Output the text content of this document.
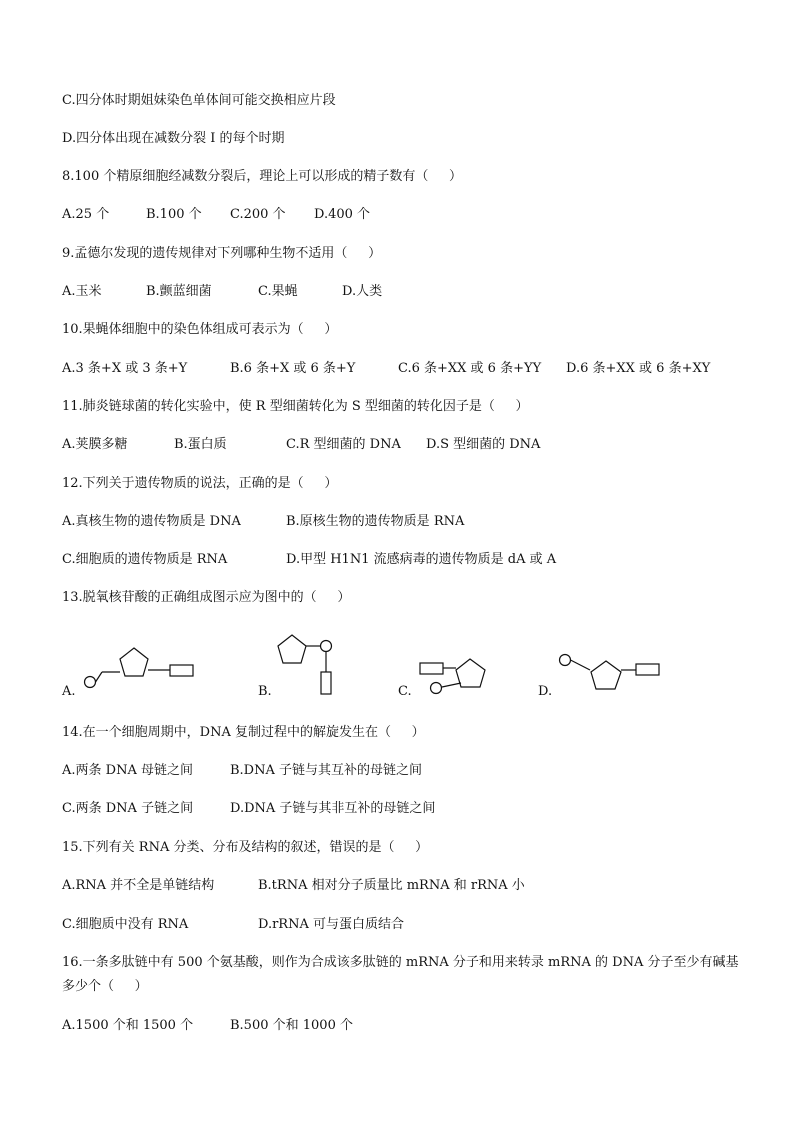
C.四分体时期姐妹染色单体间可能交换相应片段
D.四分体出现在减数分裂 I 的每个时期
8.100 个精原细胞经减数分裂后，理论上可以形成的精子数有（     ）

A.25 个

	B.100 个

C.200 个

D.400 个

9.孟德尔发现的遗传规律对下列哪种生物不适用（     ）

A.玉米

	B.颤蓝细菌

	C.果蝇

	D.人类

10.果蝇体细胞中的染色体组成可表示为（     ）

A.3 条+X 或 3 条+Y

	B.6 条+X 或 6 条+Y

	C.6 条+XX 或 6 条+YY

D.6 条+XX 或 6 条+XY

11.肺炎链球菌的转化实验中，使 R 型细菌转化为 S 型细菌的转化因子是（     ）

A.荚膜多糖

	B.蛋白质

	C.R 型细菌的 DNA

D.S 型细菌的 DNA

12.下列关于遗传物质的说法，正确的是（     ）

A.真核生物的遗传物质是 DNA

	B.原核生物的遗传物质是 RNA

C.细胞质的遗传物质是 RNA

	D.甲型 H1N1 流感病毒的遗传物质是 dA 或 A

13.脱氧核苷酸的正确组成图示应为图中的（     ）
A.	B.	C.	D.
14.在一个细胞周期中，DNA 复制过程中的解旋发生在（     ）

A.两条 DNA 母链之间

	B.DNA 子链与其互补的母链之间

C.两条 DNA 子链之间

	D.DNA 子链与其非互补的母链之间

15.下列有关 RNA 分类、分布及结构的叙述，错误的是（     ）

A.RNA 并不全是单链结构

	B.tRNA 相对分子质量比 mRNA 和 rRNA 小

C.细胞质中没有 RNA

	D.rRNA 可与蛋白质结合

16.一条多肽链中有 500 个氨基酸，则作为合成该多肽链的 mRNA 分子和用来转录 mRNA 的 DNA 分子至少有碱基
多少个（     ）

A.1500 个和 1500 个

	B.500 个和 1000 个
